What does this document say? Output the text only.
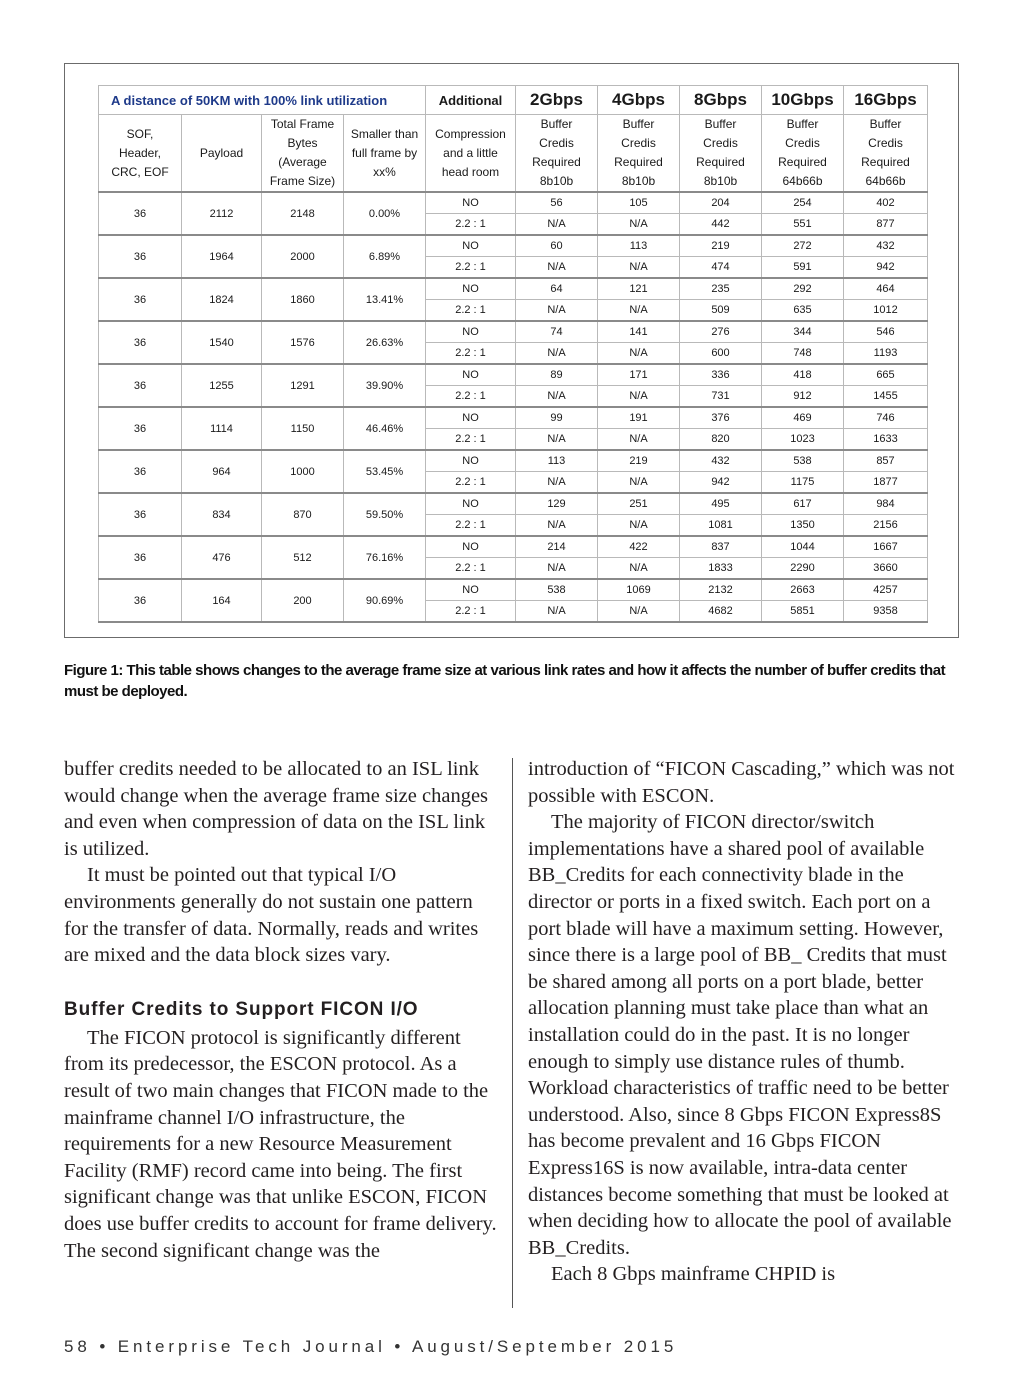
A distance of 50KM with 100% link utilization				Additional	2Gbps	4Gbps	8Gbps	10Gbps	16Gbps
SOF,
Header,
CRC, EOF	Payload	Total Frame
Bytes
(Average
Frame Size)	Smaller than
full frame by
xx%	Compression
and a little
head room	Buffer
Credis
Required
8b10b	Buffer
Credis
Required
8b10b	Buffer
Credis
Required
8b10b	Buffer
Credis
Required
64b66b	Buffer
Credis
Required
64b66b
36	2112	2148	0.00%	NO	56	105	204	254	402
				2.2 : 1	N/A	N/A	442	551	877
36	1964	2000	6.89%	NO	60	113	219	272	432
				2.2 : 1	N/A	N/A	474	591	942
36	1824	1860	13.41%	NO	64	121	235	292	464
				2.2 : 1	N/A	N/A	509	635	1012
36	1540	1576	26.63%	NO	74	141	276	344	546
				2.2 : 1	N/A	N/A	600	748	1193
36	1255	1291	39.90%	NO	89	171	336	418	665
				2.2 : 1	N/A	N/A	731	912	1455
36	1114	1150	46.46%	NO	99	191	376	469	746
				2.2 : 1	N/A	N/A	820	1023	1633
36	964	1000	53.45%	NO	113	219	432	538	857
				2.2 : 1	N/A	N/A	942	1175	1877
36	834	870	59.50%	NO	129	251	495	617	984
				2.2 : 1	N/A	N/A	1081	1350	2156
36	476	512	76.16%	NO	214	422	837	1044	1667
				2.2 : 1	N/A	N/A	1833	2290	3660
36	164	200	90.69%	NO	538	1069	2132	2663	4257
				2.2 : 1	N/A	N/A	4682	5851	9358
Figure 1: This table shows changes to the average frame size at various link rates and how it affects the number of buffer credits that must be deployed.

buffer credits needed to be allocated to an ISL link would change when the average frame size changes and even when compression of data on the ISL link is utilized.

It must be pointed out that typical I/O environments generally do not sustain one pattern for the transfer of data. Normally, reads and writes are mixed and the data block sizes vary.

Buffer Credits to Support FICON I/O

The FICON protocol is significantly different from its predecessor, the ESCON protocol. As a result of two main changes that FICON made to the mainframe channel I/O infrastructure, the requirements for a new Resource Measurement Facility (RMF) record came into being. The first significant change was that unlike ESCON, FICON does use buffer credits to account for frame delivery. The second significant change was the

introduction of “FICON Cascading,” which was not possible with ESCON.

The majority of FICON director/switch implementations have a shared pool of available BB_Credits for each connectivity blade in the director or ports in a fixed switch. Each port on a port blade will have a maximum setting. However, since there is a large pool of BB_ Credits that must be shared among all ports on a port blade, better allocation planning must take place than what an installation could do in the past. It is no longer enough to simply use distance rules of thumb. Workload characteristics of traffic need to be better understood. Also, since 8 Gbps FICON Express8S has become prevalent and 16 Gbps FICON Express16S is now available, intra-data center distances become something that must be looked at when deciding how to allocate the pool of available BB_Credits.

Each 8 Gbps mainframe CHPID is

58 • Enterprise Tech Journal • August/September 2015
